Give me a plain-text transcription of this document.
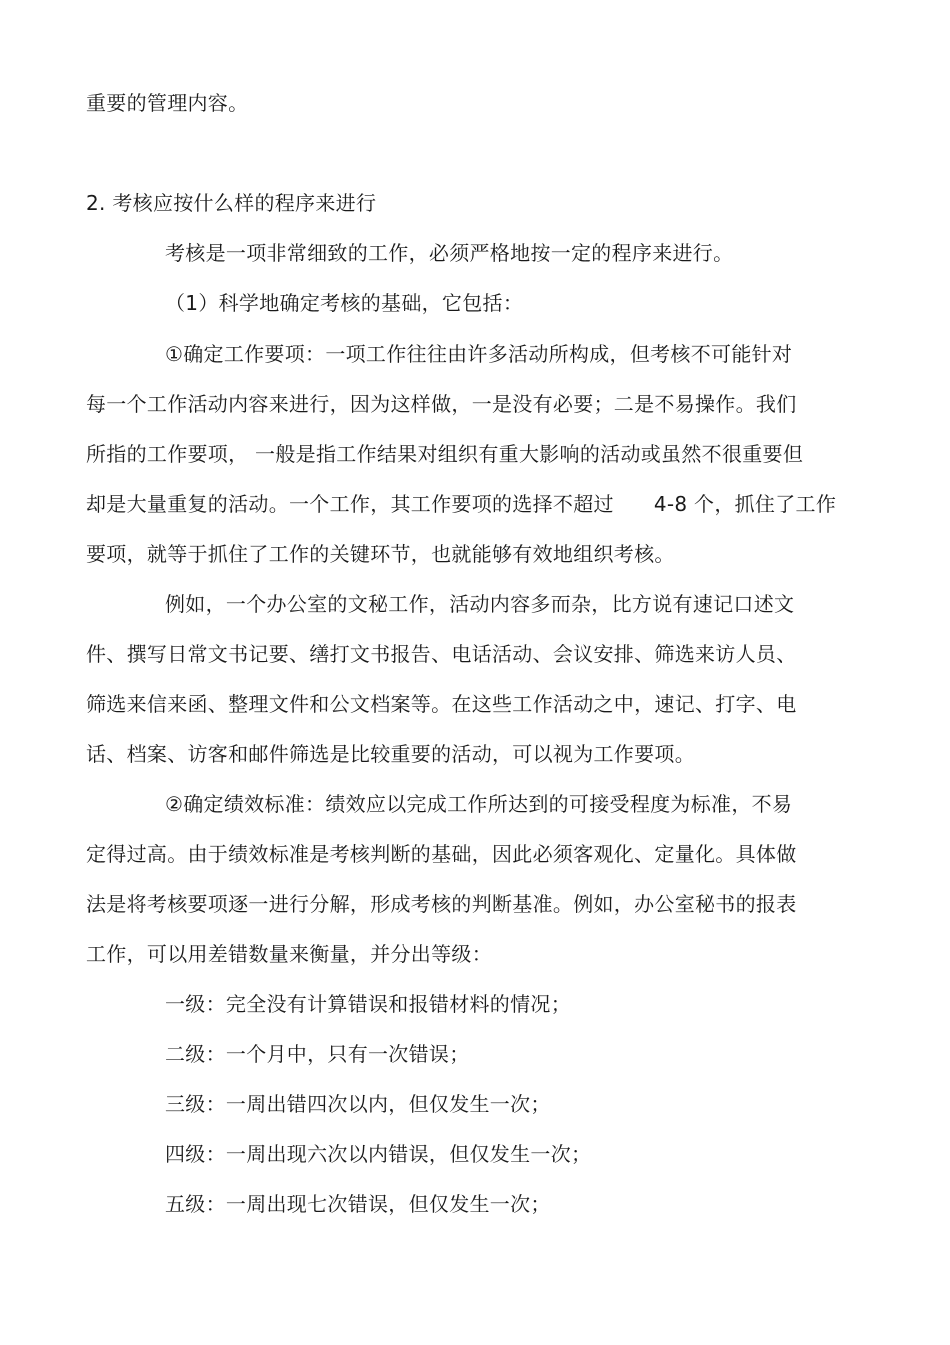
重要的管理内容。
2. 考核应按什么样的程序来进行
考核是一项非常细致的工作，必须严格地按一定的程序来进行。
（1）科学地确定考核的基础，它包括：
①确定工作要项：一项工作往往由许多活动所构成，但考核不可能针对
每一个工作活动内容来进行，因为这样做，一是没有必要；二是不易操作。我们
所指的工作要项， 一般是指工作结果对组织有重大影响的活动或虽然不很重要但
却是大量重复的活动。一个工作，其工作要项的选择不超过 4-8 个，抓住了工作
要项，就等于抓住了工作的关键环节，也就能够有效地组织考核。
例如，一个办公室的文秘工作，活动内容多而杂，比方说有速记口述文
件、撰写日常文书记要、缮打文书报告、电话活动、会议安排、筛选来访人员、
筛选来信来函、整理文件和公文档案等。在这些工作活动之中，速记、打字、电
话、档案、访客和邮件筛选是比较重要的活动，可以视为工作要项。
②确定绩效标准：绩效应以完成工作所达到的可接受程度为标准，不易
定得过高。由于绩效标准是考核判断的基础，因此必须客观化、定量化。具体做
法是将考核要项逐一进行分解，形成考核的判断基准。例如，办公室秘书的报表
工作，可以用差错数量来衡量，并分出等级：
一级：完全没有计算错误和报错材料的情况；
二级：一个月中，只有一次错误；
三级：一周出错四次以内，但仅发生一次；
四级：一周出现六次以内错误，但仅发生一次；
五级：一周出现七次错误，但仅发生一次；
